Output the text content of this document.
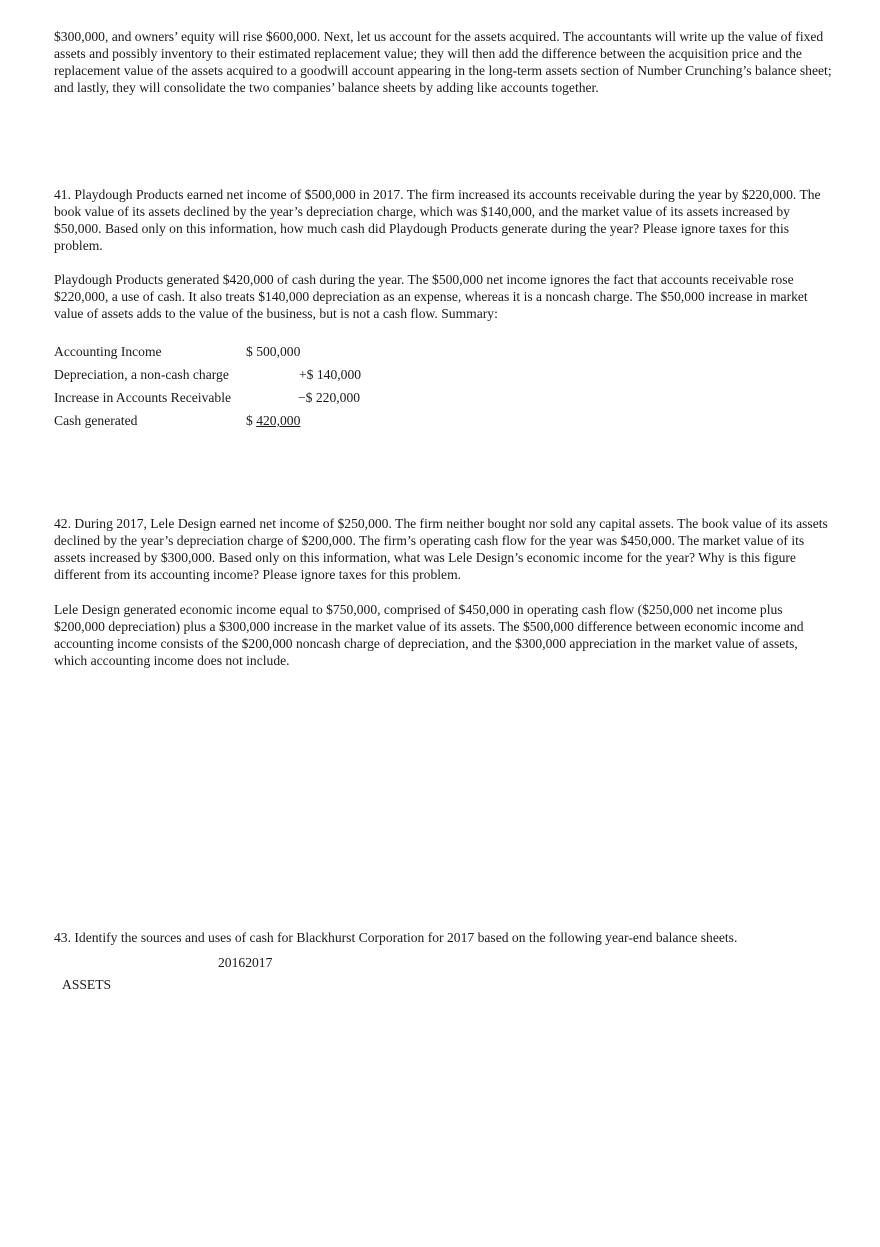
$300,000, and owners’ equity will rise $600,000. Next, let us account for the assets acquired. The accountants will write up the value of fixed assets and possibly inventory to their estimated replacement value; they will then add the difference between the acquisition price and the replacement value of the assets acquired to a goodwill account appearing in the long-term assets section of Number Crunching’s balance sheet; and lastly, they will consolidate the two companies’ balance sheets by adding like accounts together.

41. Playdough Products earned net income of $500,000 in 2017. The firm increased its accounts receivable during the year by $220,000. The book value of its assets declined by the year’s depreciation charge, which was $140,000, and the market value of its assets increased by $50,000. Based only on this information, how much cash did Playdough Products generate during the year? Please ignore taxes for this problem.

Playdough Products generated $420,000 of cash during the year. The $500,000 net income ignores the fact that accounts receivable rose $220,000, a use of cash. It also treats $140,000 depreciation as an expense, whereas it is a noncash charge. The $50,000 increase in market value of assets adds to the value of the business, but is not a cash flow. Summary:

Accounting Income	$ 500,000
Depreciation, a non-cash charge	+$ 140,000
Increase in Accounts Receivable	−$ 220,000
Cash generated	$ 420,000

42. During 2017, Lele Design earned net income of $250,000. The firm neither bought nor sold any capital assets. The book value of its assets declined by the year’s depreciation charge of $200,000. The firm’s operating cash flow for the year was $450,000. The market value of its assets increased by $300,000. Based only on this information, what was Lele Design’s economic income for the year? Why is this figure different from its accounting income? Please ignore taxes for this problem.

Lele Design generated economic income equal to $750,000, comprised of $450,000 in operating cash flow ($250,000 net income plus $200,000 depreciation) plus a $300,000 increase in the market value of its assets. The $500,000 difference between economic income and accounting income consists of the $200,000 noncash charge of depreciation, and the $300,000 appreciation in the market value of assets, which accounting income does not include.

43. Identify the sources and uses of cash for Blackhurst Corporation for 2017 based on the following year-end balance sheets.

20162017
ASSETS
